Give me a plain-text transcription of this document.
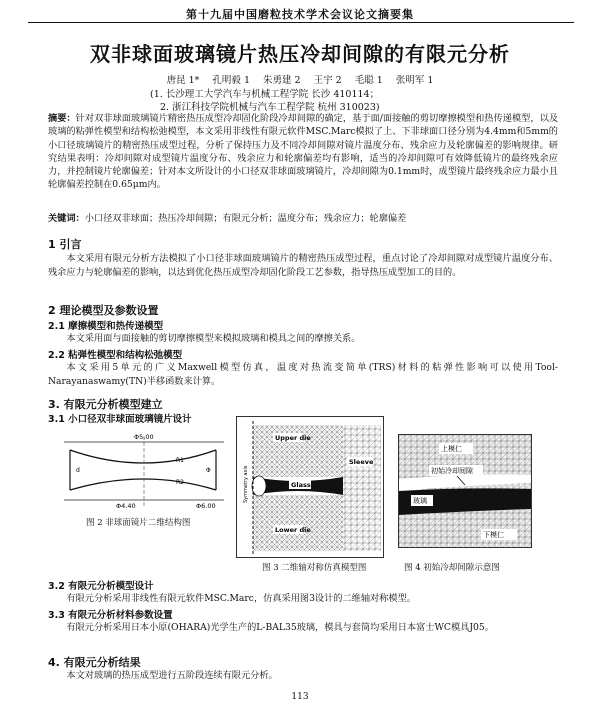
第十九届中国磨粒技术学术会议论文摘要集
双非球面玻璃镜片热压冷却间隙的有限元分析
唐昆 1* 孔明毅 1 朱勇建 2 王宇 2 毛聪 1 张明军 1
(1. 长沙理工大学汽车与机械工程学院 长沙 410114；
2. 浙江科技学院机械与汽车工程学院 杭州 310023)
摘要：针对双非球面玻璃镜片精密热压成型冷却固化阶段冷却间隙的确定，基于面/面接触的剪切摩擦模型和热传递模型，以及玻璃的粘弹性模型和结构松弛模型，本文采用非线性有限元软件MSC.Marc模拟了上、下非球面口径分别为4.4mm和5mm的小口径玻璃镜片的精密热压成型过程，分析了保持压力及不同冷却间隙对镜片温度分布、残余应力及轮廓偏差的影响规律。研究结果表明：冷却间隙对成型镜片温度分布、残余应力和轮廓偏差均有影响，适当的冷却间隙可有效降低镜片的最终残余应力，并控制镜片轮廓偏差；针对本文所设计的小口径双非球面玻璃镜片，冷却间隙为0.1mm时，成型镜片最终残余应力最小且轮廓偏差控制在0.65μm内。
关键词：小口径双非球面；热压冷却间隙；有限元分析；温度分布；残余应力；轮廓偏差
1 引言
本文采用有限元分析方法模拟了小口径非球面玻璃镜片的精密热压成型过程，重点讨论了冷却间隙对成型镜片温度分布、残余应力与轮廓偏差的影响，以达到优化热压成型冷却固化阶段工艺参数，指导热压成型加工的目的。
2 理论模型及参数设置
2.1 摩擦模型和热传递模型
本文采用面与面接触的剪切摩擦模型来模拟玻璃和模具之间的摩擦关系。
2.2 粘弹性模型和结构松弛模型
本文采用5单元的广义Maxwell模型仿真，温度对热流变简单(TRS)材料的粘弹性影响可以使用Tool-Narayanaswamy(TN)半移函数来计算。
3. 有限元分析模型建立
3.1 小口径双非球面玻璃镜片设计
Φ5.00
Φ4.40	Φ6.00
R1
R2
d	Φ
图 2 非球面镜片二维结构图
Upper die
Sleeve
Glass
Lower die
Symmetry axis
图 3 二维轴对称仿真模型图
上模仁
初始冷却间隙
玻璃
下模仁
图 4 初始冷却间隙示意图
3.2 有限元分析模型设计
有限元分析采用非线性有限元软件MSC.Marc，仿真采用图3设计的二维轴对称模型。
3.3 有限元分析材料参数设置
有限元分析采用日本小原(OHARA)光学生产的L-BAL35玻璃，模具与套筒均采用日本富士WC模具J05。
4. 有限元分析结果
本文对玻璃的热压成型进行五阶段连续有限元分析。
113
